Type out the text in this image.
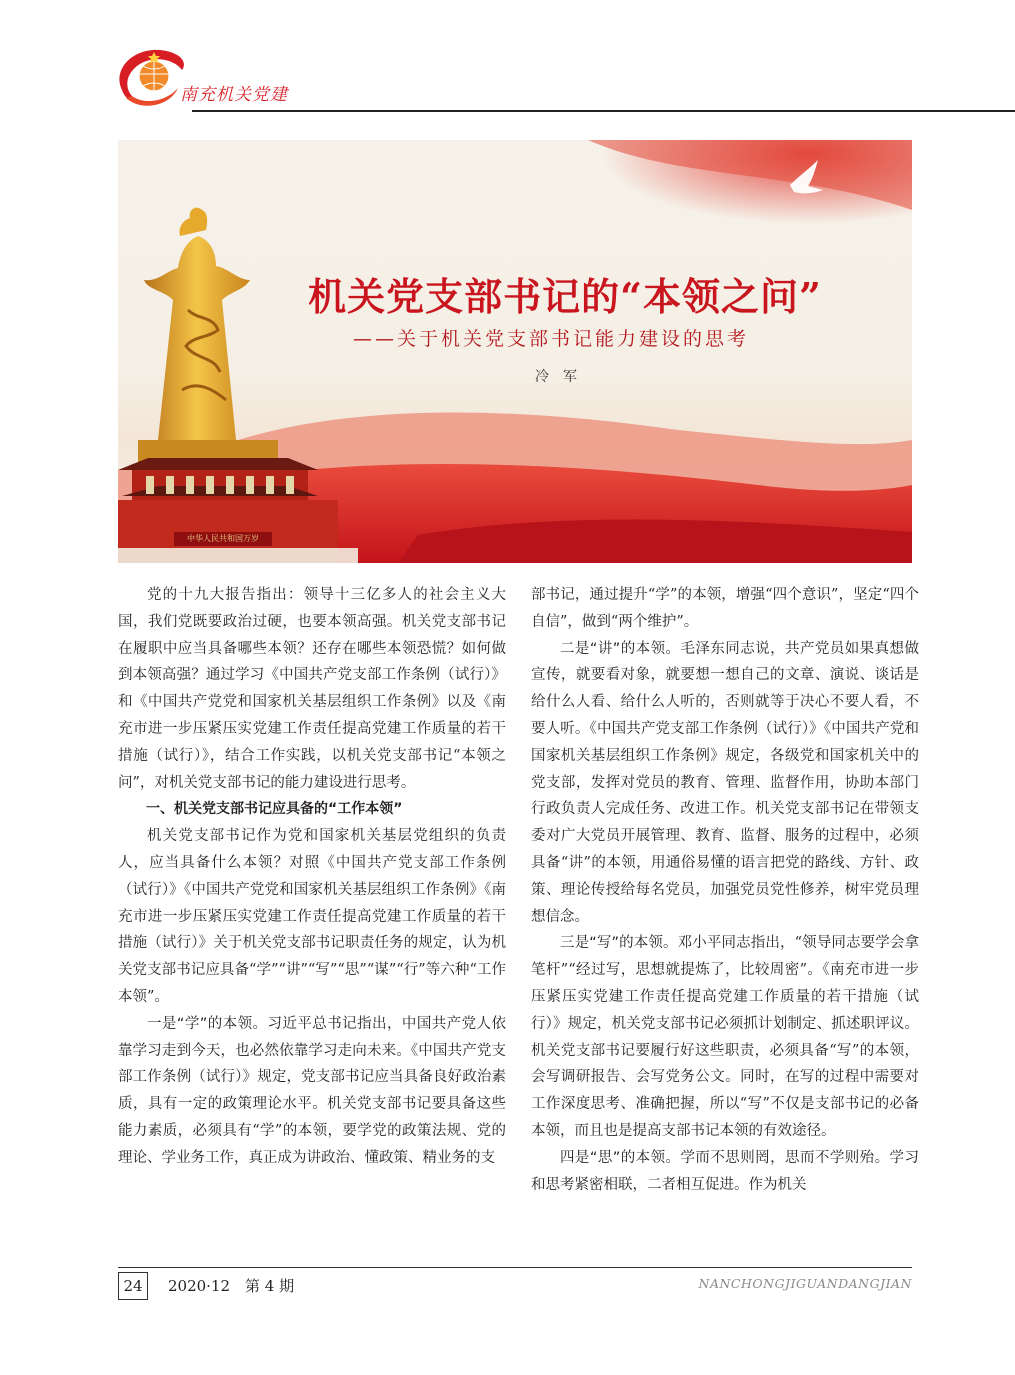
南充机关党建
机关党支部书记的“本领之问”
——关于机关党支部书记能力建设的思考
冷军
中华人民共和国万岁

党的十九大报告指出：领导十三亿多人的社会主义大国，我们党既要政治过硬，也要本领高强。机关党支部书记在履职中应当具备哪些本领？还存在哪些本领恐慌？如何做到本领高强？通过学习《中国共产党支部工作条例（试行）》和《中国共产党党和国家机关基层组织工作条例》以及《南充市进一步压紧压实党建工作责任提高党建工作质量的若干措施（试行）》，结合工作实践，以机关党支部书记“本领之问”，对机关党支部书记的能力建设进行思考。

一、机关党支部书记应具备的“工作本领”

机关党支部书记作为党和国家机关基层党组织的负责人，应当具备什么本领？对照《中国共产党支部工作条例（试行）》《中国共产党党和国家机关基层组织工作条例》《南充市进一步压紧压实党建工作责任提高党建工作质量的若干措施（试行）》关于机关党支部书记职责任务的规定，认为机关党支部书记应具备“学”“讲”“写”“思”“谋”“行”等六种“工作本领”。

一是“学”的本领。习近平总书记指出，中国共产党人依靠学习走到今天，也必然依靠学习走向未来。《中国共产党支部工作条例（试行）》规定，党支部书记应当具备良好政治素质，具有一定的政策理论水平。机关党支部书记要具备这些能力素质，必须具有“学”的本领，要学党的政策法规、党的理论、学业务工作，真正成为讲政治、懂政策、精业务的支

部书记，通过提升“学”的本领，增强“四个意识”，坚定“四个自信”，做到“两个维护”。

二是“讲”的本领。毛泽东同志说，共产党员如果真想做宣传，就要看对象，就要想一想自己的文章、演说、谈话是给什么人看、给什么人听的，否则就等于决心不要人看，不要人听。《中国共产党支部工作条例（试行）》《中国共产党和国家机关基层组织工作条例》规定，各级党和国家机关中的党支部，发挥对党员的教育、管理、监督作用，协助本部门行政负责人完成任务、改进工作。机关党支部书记在带领支委对广大党员开展管理、教育、监督、服务的过程中，必须具备“讲”的本领，用通俗易懂的语言把党的路线、方针、政策、理论传授给每名党员，加强党员党性修养，树牢党员理想信念。

三是“写”的本领。邓小平同志指出，“领导同志要学会拿笔杆”“经过写，思想就提炼了，比较周密”。《南充市进一步压紧压实党建工作责任提高党建工作质量的若干措施（试行）》规定，机关党支部书记必须抓计划制定、抓述职评议。机关党支部书记要履行好这些职责，必须具备“写”的本领，会写调研报告、会写党务公文。同时，在写的过程中需要对工作深度思考、准确把握，所以“写”不仅是支部书记的必备本领，而且也是提高支部书记本领的有效途径。

四是“思”的本领。学而不思则罔，思而不学则殆。学习和思考紧密相联，二者相互促进。作为机关

24	2020·12　第 4 期	NANCHONGJIGUANDANGJIAN
